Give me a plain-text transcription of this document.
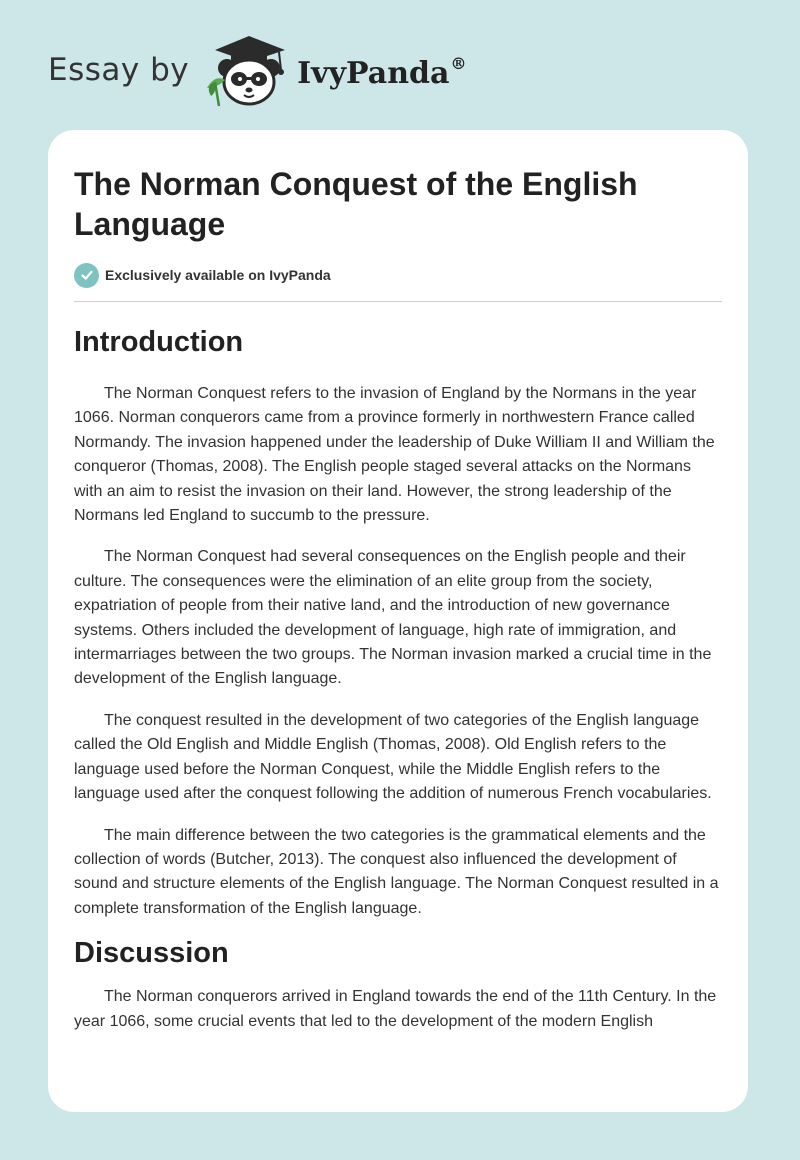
Essay by	IvyPanda®
The Norman Conquest of the English Language
Exclusively available on IvyPanda
Introduction

The Norman Conquest refers to the invasion of England by the Normans in the year 1066. Norman conquerors came from a province formerly in northwestern France called Normandy. The invasion happened under the leadership of Duke William II and William the conqueror (Thomas, 2008). The English people staged several attacks on the Normans with an aim to resist the invasion on their land. However, the strong leadership of the Normans led England to succumb to the pressure.

The Norman Conquest had several consequences on the English people and their culture. The consequences were the elimination of an elite group from the society, expatriation of people from their native land, and the introduction of new governance systems. Others included the development of language, high rate of immigration, and intermarriages between the two groups. The Norman invasion marked a crucial time in the development of the English language.

The conquest resulted in the development of two categories of the English language called the Old English and Middle English (Thomas, 2008). Old English refers to the language used before the Norman Conquest, while the Middle English refers to the language used after the conquest following the addition of numerous French vocabularies.

The main difference between the two categories is the grammatical elements and the collection of words (Butcher, 2013). The conquest also influenced the development of sound and structure elements of the English language. The Norman Conquest resulted in a complete transformation of the English language.

Discussion

The Norman conquerors arrived in England towards the end of the 11th Century. In the year 1066, some crucial events that led to the development of the modern English
